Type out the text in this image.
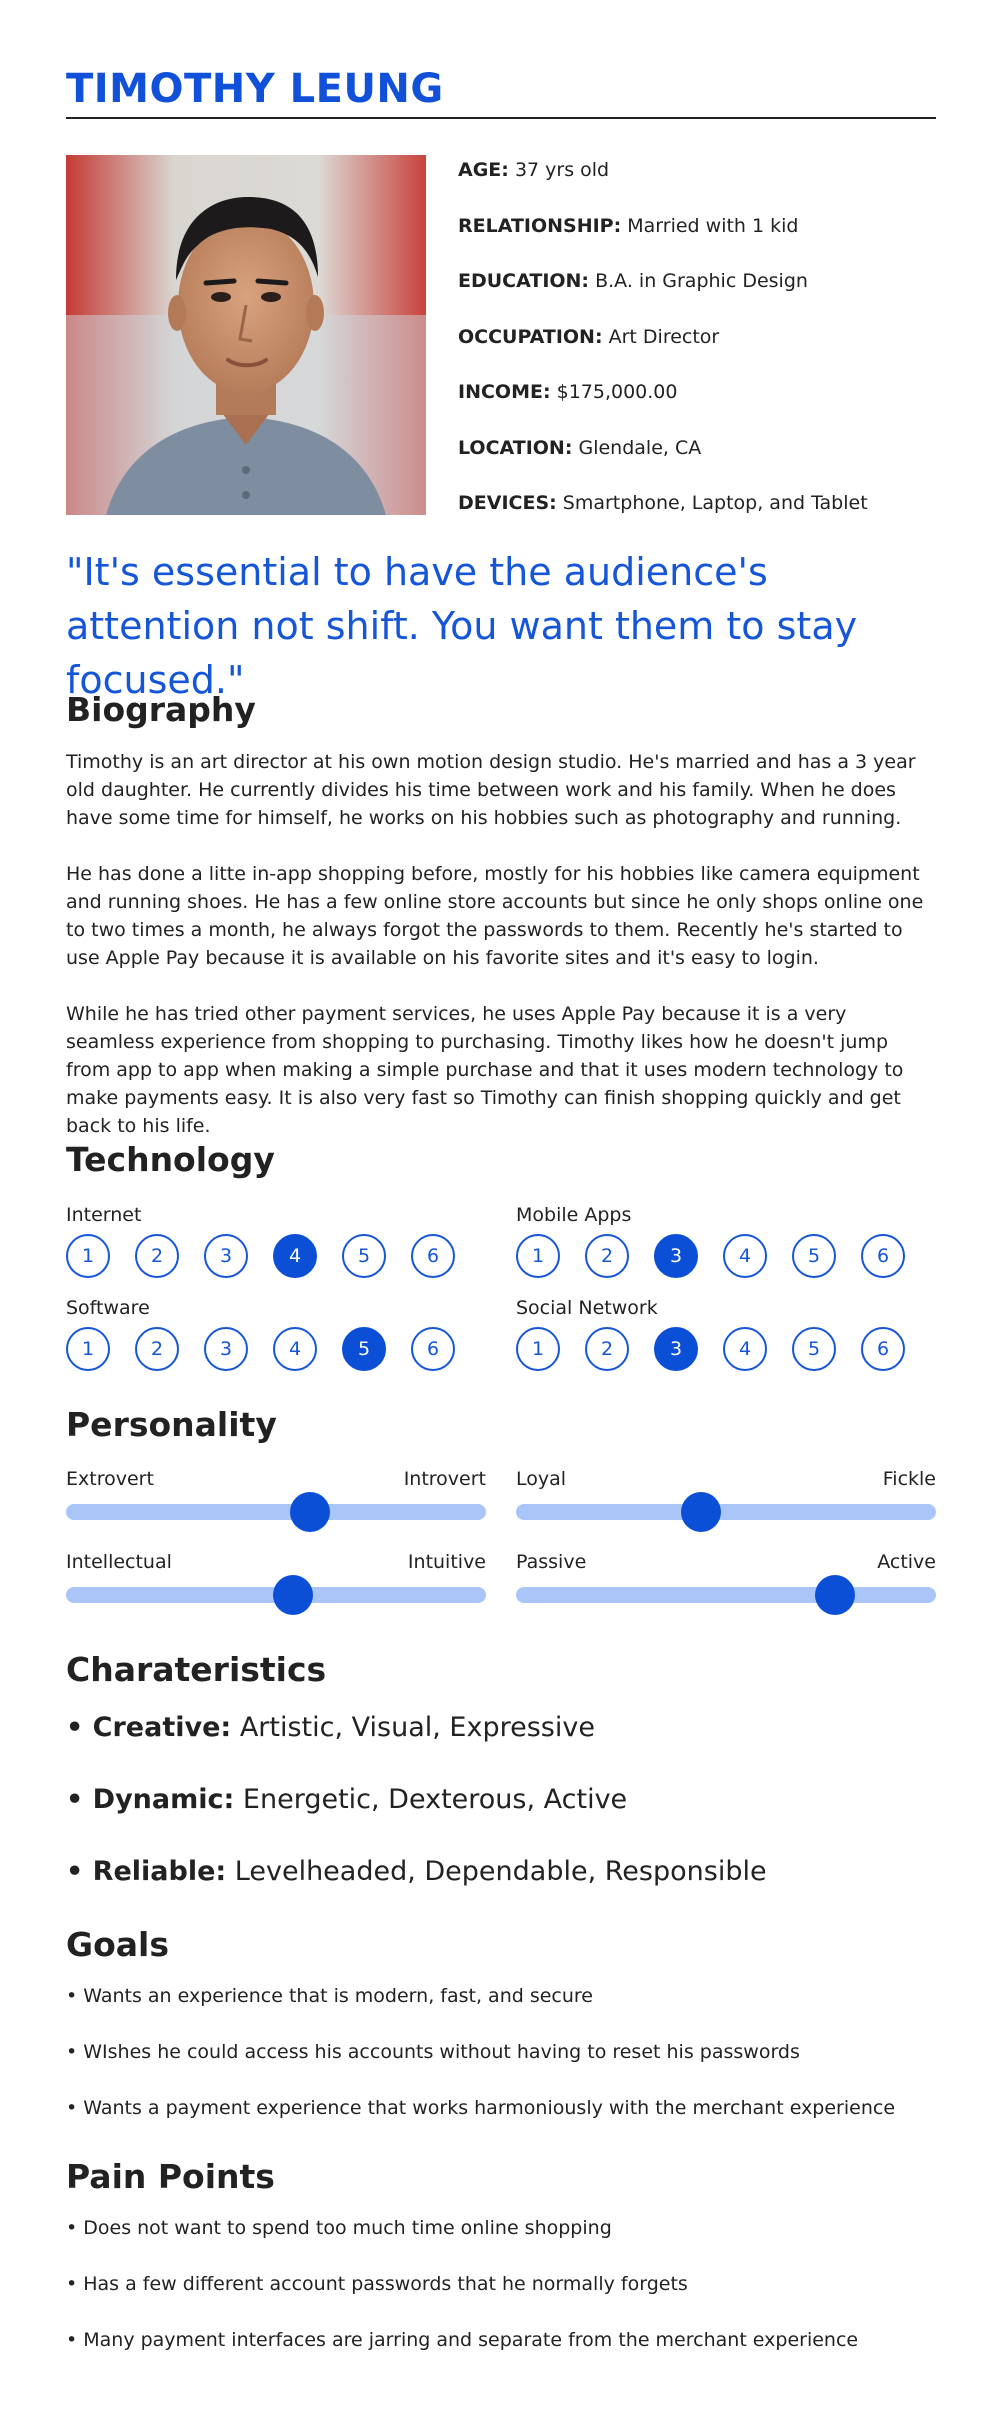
TIMOTHY LEUNG
AGE: 37 yrs old
RELATIONSHIP: Married with 1 kid
EDUCATION: B.A. in Graphic Design
OCCUPATION: Art Director
INCOME: $175,000.00
LOCATION: Glendale, CA
DEVICES: Smartphone, Laptop, and Tablet
"It's essential to have the audience's attention not shift. You want them to stay focused."
Biography

Timothy is an art director at his own motion design studio. He's married and has a 3 year old daughter. He currently divides his time between work and his family. When he does have some time for himself, he works on his hobbies such as photography and running.

He has done a litte in-app shopping before, mostly for his hobbies like camera equipment and running shoes. He has a few online store accounts but since he only shops online one to two times a month, he always forgot the passwords to them. Recently he's started to use Apple Pay because it is available on his favorite sites and it's easy to login.

While he has tried other payment services, he uses Apple Pay because it is a very seamless experience from shopping to purchasing. Timothy likes how he doesn't jump from app to app when making a simple purchase and that it uses modern technology to make payments easy. It is also very fast so Timothy can finish shopping quickly and get back to his life.

Technology
Internet
1	2	3	4	5	6
Mobile Apps
1	2	3	4	5	6
Software
1	2	3	4	5	6
Social Network
1	2	3	4	5	6
Personality
Extrovert	Introvert Loyal	Fickle
Intellectual	Intuitive Passive	Active
Charateristics
• Creative: Artistic, Visual, Expressive
• Dynamic: Energetic, Dexterous, Active
• Reliable: Levelheaded, Dependable, Responsible
Goals
• Wants an experience that is modern, fast, and secure
• WIshes he could access his accounts without having to reset his passwords
• Wants a payment experience that works harmoniously with the merchant experience
Pain Points
• Does not want to spend too much time online shopping
• Has a few different account passwords that he normally forgets
• Many payment interfaces are jarring and separate from the merchant experience
